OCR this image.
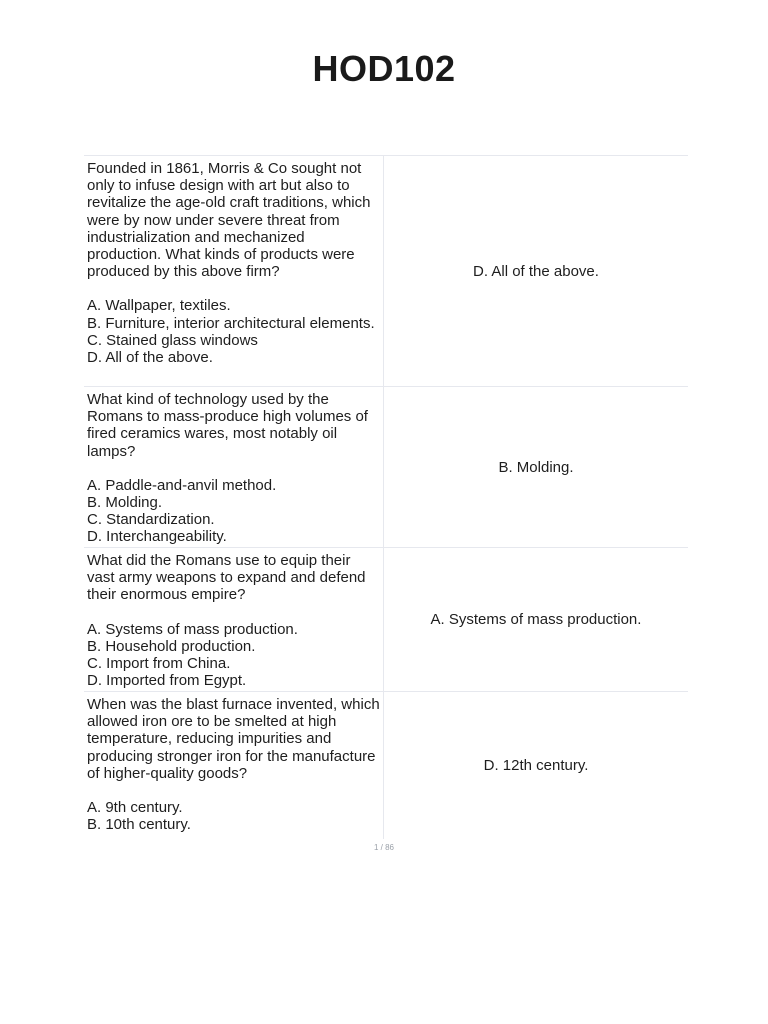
HOD102

Founded in 1861, Morris & Co sought not only to infuse design with art but also to revitalize the age-old craft traditions, which were by now under severe threat from industrialization and mechanized production. What kinds of products were produced by this above firm?

A. Wallpaper, textiles.
B. Furniture, interior architectural elements.
C. Stained glass windows
D. All of the above.
D. All of the above.

What kind of technology used by the Romans to mass-produce high volumes of fired ceramics wares, most notably oil lamps?

A. Paddle-and-anvil method.
B. Molding.
C. Standardization.
D. Interchangeability.
B. Molding.

What did the Romans use to equip their vast army weapons to expand and defend their enormous empire?

A. Systems of mass production.
B. Household production.
C. Import from China.
D. Imported from Egypt.
A. Systems of mass production.

When was the blast furnace invented, which allowed iron ore to be smelted at high temperature, reducing impurities and producing stronger iron for the manufacture of higher-quality goods?

A. 9th century.
B. 10th century.
D. 12th century.
1 / 86
